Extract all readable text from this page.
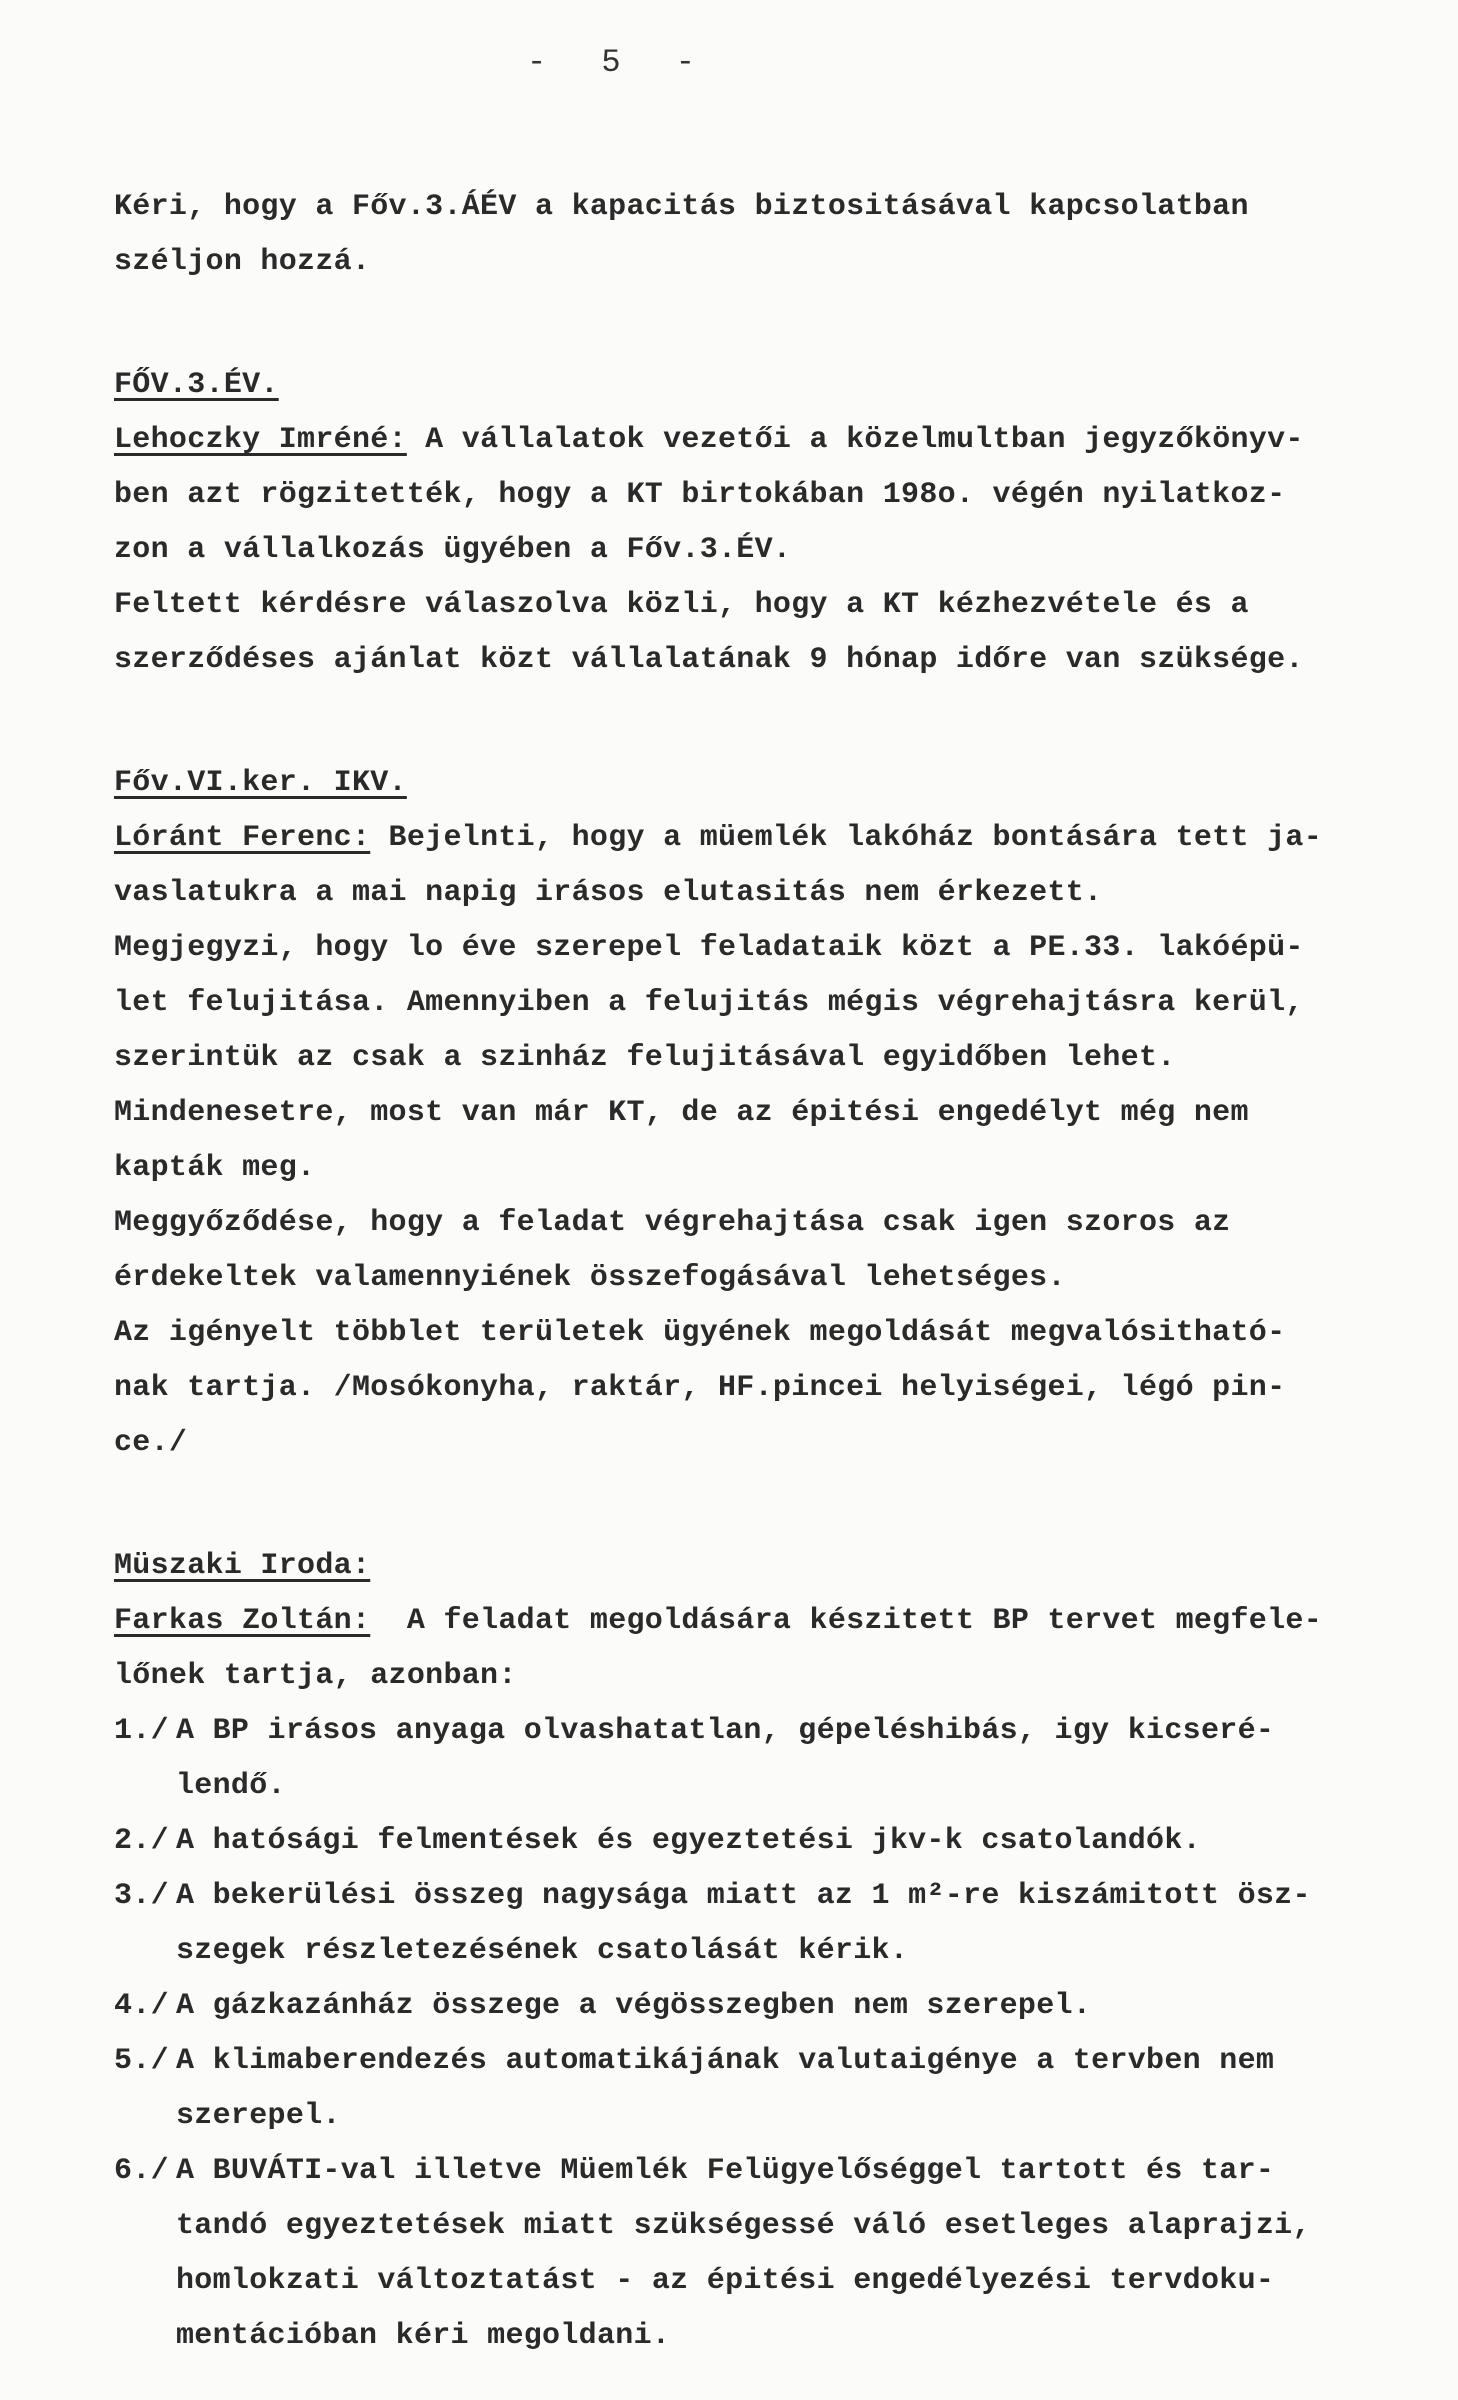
- 5 -
Kéri, hogy a Főv.3.ÁÉV a kapacitás biztositásával kapcsolatban
széljon hozzá.
FŐV.3.ÉV.
Lehoczky Imréné: A vállalatok vezetői a közelmultban jegyzőkönyv-
ben azt rögzitették, hogy a KT birtokában 198o. végén nyilatkoz-
zon a vállalkozás ügyében a Főv.3.ÉV.
Feltett kérdésre válaszolva közli, hogy a KT kézhezvétele és a
szerződéses ajánlat közt vállalatának 9 hónap időre van szüksége.
Főv.VI.ker. IKV.
Lóránt Ferenc: Bejelnti, hogy a müemlék lakóház bontására tett ja-
vaslatukra a mai napig irásos elutasitás nem érkezett.
Megjegyzi, hogy lo éve szerepel feladataik közt a PE.33. lakóépü-
let felujitása. Amennyiben a felujitás mégis végrehajtásra kerül,
szerintük az csak a szinház felujitásával egyidőben lehet.
Mindenesetre, most van már KT, de az épitési engedélyt még nem
kapták meg.
Meggyőződése, hogy a feladat végrehajtása csak igen szoros az
érdekeltek valamennyiének összefogásával lehetséges.
Az igényelt többlet területek ügyének megoldását megvalósitható-
nak tartja. /Mosókonyha, raktár, HF.pincei helyiségei, légó pin-
ce./
Müszaki Iroda:
Farkas Zoltán:  A feladat megoldására készitett BP tervet megfele-
lőnek tartja, azonban:
1./ A BP irásos anyaga olvashatatlan, gépeléshibás, igy kicseré-
lendő.
2./ A hatósági felmentések és egyeztetési jkv-k csatolandók.
3./ A bekerülési összeg nagysága miatt az 1 m²-re kiszámitott ösz-
szegek részletezésének csatolását kérik.
4./ A gázkazánház összege a végösszegben nem szerepel.
5./ A klimaberendezés automatikájának valutaigénye a tervben nem
szerepel.
6./ A BUVÁTI-val illetve Müemlék Felügyelőséggel tartott és tar-
tandó egyeztetések miatt szükségessé váló esetleges alaprajzi,
homlokzati változtatást - az épitési engedélyezési tervdoku-
mentációban kéri megoldani.
